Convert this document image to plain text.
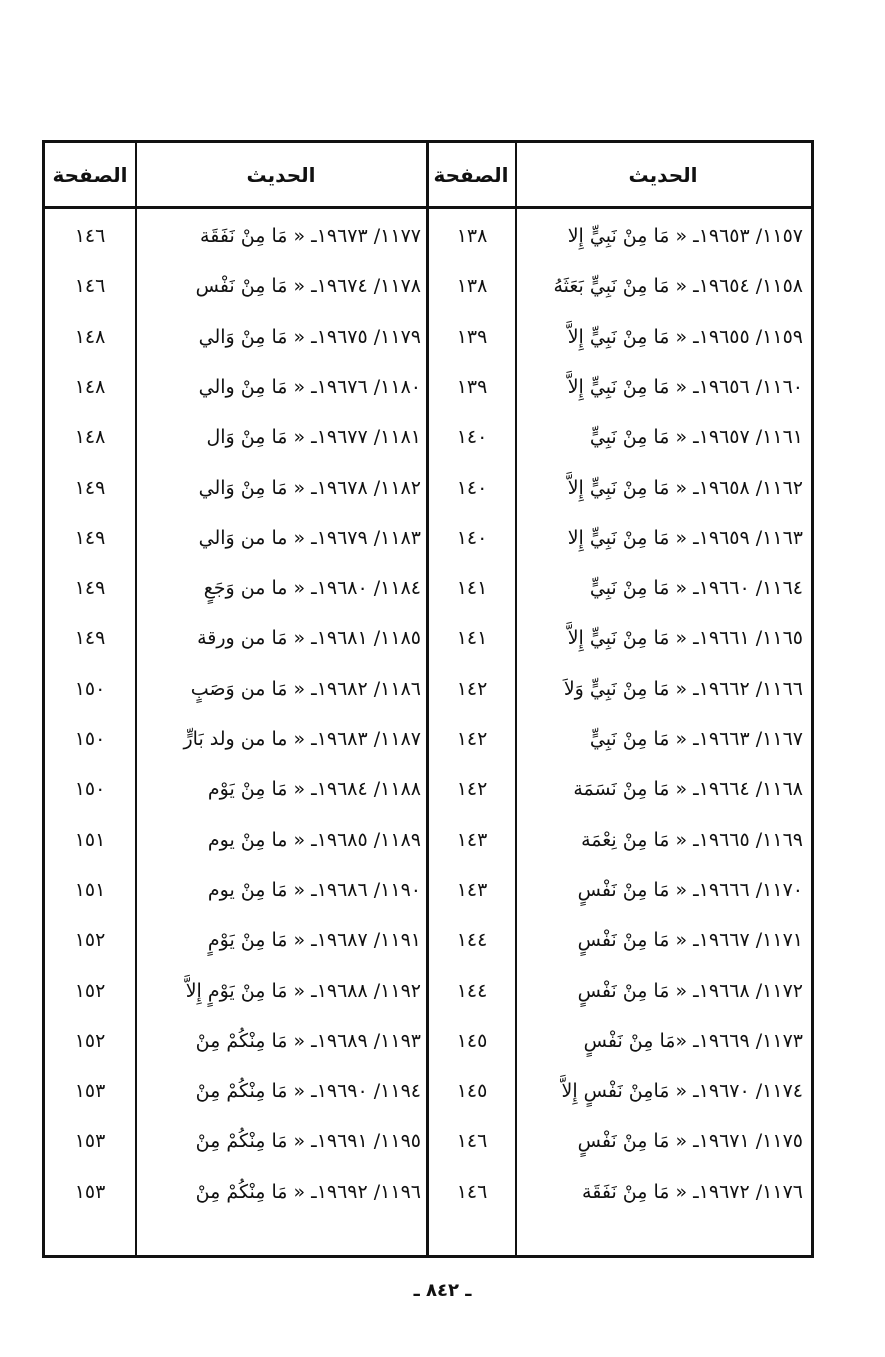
الحديث
الصفحة
الحديث
الصفحة
١١٥٧/ ١٩٦٥٣ـ « مَا مِنْ نَبِيٍّ إِلا
١٣٨
١١٧٧/ ١٩٦٧٣ـ « مَا مِنْ نَفَقَة
١٤٦
١١٥٨/ ١٩٦٥٤ـ « مَا مِنْ نَبِيٍّ بَعَثَهُ
١٣٨
١١٧٨/ ١٩٦٧٤ـ « مَا مِنْ نَفْس
١٤٦
١١٥٩/ ١٩٦٥٥ـ « مَا مِنْ نَبِيٍّ إِلاَّ
١٣٩
١١٧٩/ ١٩٦٧٥ـ « مَا مِنْ وَالي
١٤٨
١١٦٠/ ١٩٦٥٦ـ « مَا مِنْ نَبِيٍّ إِلاَّ
١٣٩
١١٨٠/ ١٩٦٧٦ـ « مَا مِنْ والي
١٤٨
١١٦١/ ١٩٦٥٧ـ « مَا مِنْ نَبِيٍّ
١٤٠
١١٨١/ ١٩٦٧٧ـ « مَا مِنْ وَال
١٤٨
١١٦٢/ ١٩٦٥٨ـ « مَا مِنْ نَبِيٍّ إِلاَّ
١٤٠
١١٨٢/ ١٩٦٧٨ـ « مَا مِنْ وَالي
١٤٩
١١٦٣/ ١٩٦٥٩ـ « مَا مِنْ نَبِيٍّ إِلا
١٤٠
١١٨٣/ ١٩٦٧٩ـ « ما من وَالي
١٤٩
١١٦٤/ ١٩٦٦٠ـ « مَا مِنْ نَبِيٍّ
١٤١
١١٨٤/ ١٩٦٨٠ـ « ما من وَجَعٍ
١٤٩
١١٦٥/ ١٩٦٦١ـ « مَا مِنْ نَبِيٍّ إِلاَّ
١٤١
١١٨٥/ ١٩٦٨١ـ « مَا من ورقة
١٤٩
١١٦٦/ ١٩٦٦٢ـ « مَا مِنْ نَبِيٍّ وَلاَ
١٤٢
١١٨٦/ ١٩٦٨٢ـ « مَا من وَصَبٍ
١٥٠
١١٦٧/ ١٩٦٦٣ـ « مَا مِنْ نَبِيٍّ
١٤٢
١١٨٧/ ١٩٦٨٣ـ « ما من ولد بَارٍّ
١٥٠
١١٦٨/ ١٩٦٦٤ـ « مَا مِنْ نَسَمَة
١٤٢
١١٨٨/ ١٩٦٨٤ـ « مَا مِنْ يَوْم
١٥٠
١١٦٩/ ١٩٦٦٥ـ « مَا مِنْ نِعْمَة
١٤٣
١١٨٩/ ١٩٦٨٥ـ « ما مِنْ يوم
١٥١
١١٧٠/ ١٩٦٦٦ـ « مَا مِنْ نَفْسٍ
١٤٣
١١٩٠/ ١٩٦٨٦ـ « مَا مِنْ يوم
١٥١
١١٧١/ ١٩٦٦٧ـ « مَا مِنْ نَفْسٍ
١٤٤
١١٩١/ ١٩٦٨٧ـ « مَا مِنْ يَوْمٍ
١٥٢
١١٧٢/ ١٩٦٦٨ـ « مَا مِنْ نَفْسٍ
١٤٤
١١٩٢/ ١٩٦٨٨ـ « مَا مِنْ يَوْمٍ إِلاَّ
١٥٢
١١٧٣/ ١٩٦٦٩ـ «مَا مِنْ نَفْسٍ
١٤٥
١١٩٣/ ١٩٦٨٩ـ « مَا مِنْكُمْ مِنْ
١٥٢
١١٧٤/ ١٩٦٧٠ـ « مَامِنْ نَفْسٍ إِلاَّ
١٤٥
١١٩٤/ ١٩٦٩٠ـ « مَا مِنْكُمْ مِنْ
١٥٣
١١٧٥/ ١٩٦٧١ـ « مَا مِنْ نَفْسٍ
١٤٦
١١٩٥/ ١٩٦٩١ـ « مَا مِنْكُمْ مِنْ
١٥٣
١١٧٦/ ١٩٦٧٢ـ « مَا مِنْ نَفَقَة
١٤٦
١١٩٦/ ١٩٦٩٢ـ « مَا مِنْكُمْ مِنْ
١٥٣
ـ ٨٤٢ ـ
